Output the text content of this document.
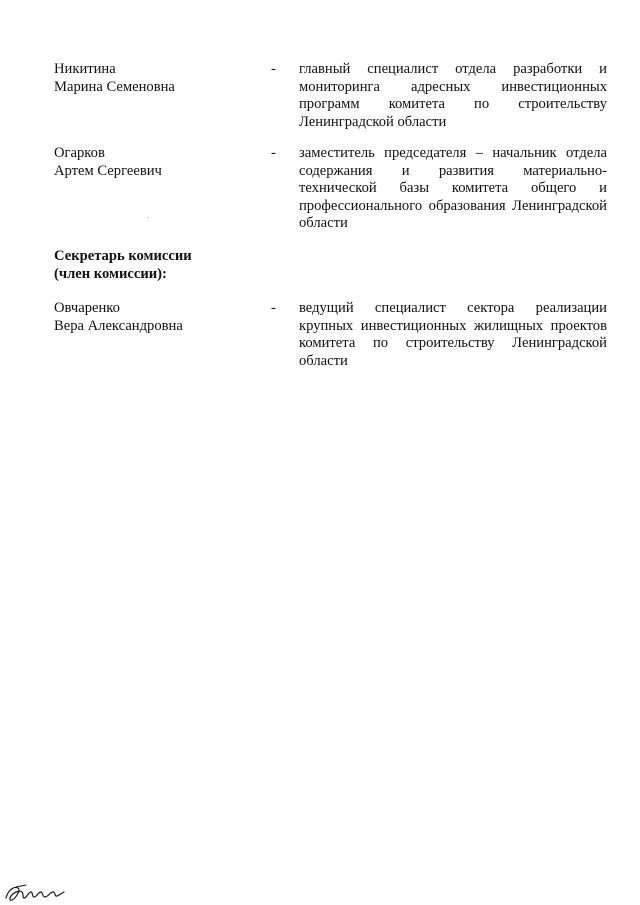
Никитина
Марина Семеновна
- главный специалист отдела разработки и мониторинга адресных инвестиционных программ комитета по строительству Ленинградской области
Огарков
Артем Сергеевич
- заместитель председателя – начальник отдела содержания и развития материально-технической базы комитета общего и профессионального образования Ленинградской области
Секретарь комиссии
(член комиссии):
Овчаренко
Вера Александровна
- ведущий специалист сектора реализации крупных инвестиционных жилищных проектов комитета по строительству Ленинградской области
